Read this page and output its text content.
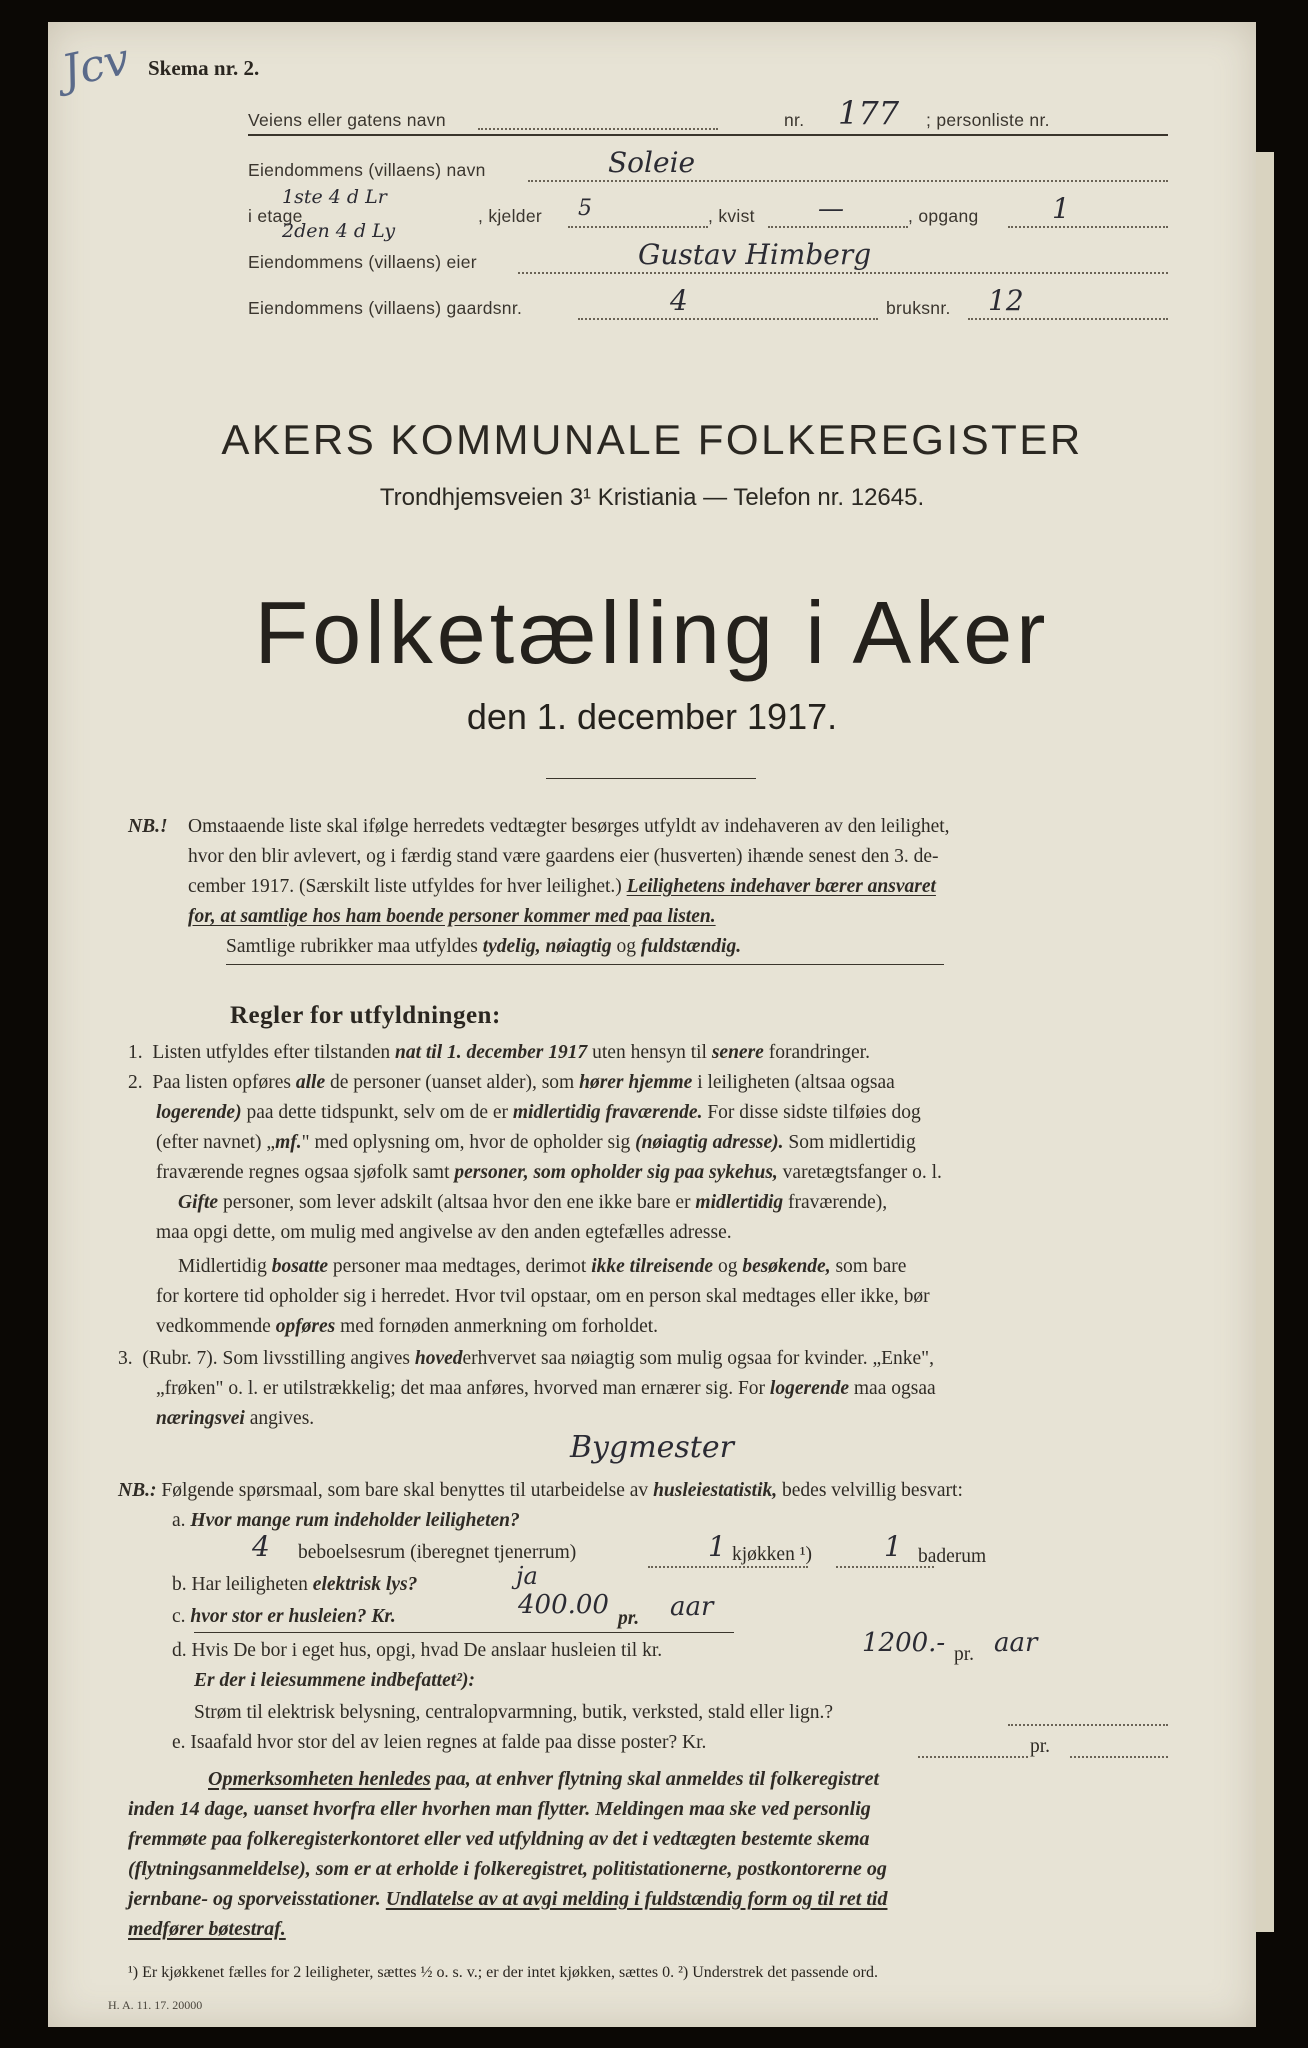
Jcv Skema nr. 2.
Veiens eller gatens navn	nr. 177 ; personliste nr.
Eiendommens (villaens) navn	Soleie
i etage
1ste 4 d Lr
2den 4 d Ly
, kjelder 5	, kvist —	, opgang	1
Eiendommens (villaens) eier	Gustav Himberg
Eiendommens (villaens) gaardsnr.	4	bruksnr. 12
AKERS KOMMUNALE FOLKEREGISTER
Trondhjemsveien 3¹ Kristiania — Telefon nr. 12645.
Folketælling i Aker
den 1. december 1917.
NB.! Omstaaende liste skal ifølge herredets vedtægter besørges utfyldt av indehaveren av den leilighet,
hvor den blir avlevert, og i færdig stand være gaardens eier (husverten) ihænde senest den 3. de-
cember 1917. (Særskilt liste utfyldes for hver leilighet.) Leilighetens indehaver bærer ansvaret
for, at samtlige hos ham boende personer kommer med paa listen.
Samtlige rubrikker maa utfyldes tydelig, nøiagtig og fuldstændig.
Regler for utfyldningen:
1. Listen utfyldes efter tilstanden nat til 1. december 1917 uten hensyn til senere forandringer.
2. Paa listen opføres alle de personer (uanset alder), som hører hjemme i leiligheten (altsaa ogsaa
logerende) paa dette tidspunkt, selv om de er midlertidig fraværende. For disse sidste tilføies dog
(efter navnet) „mf." med oplysning om, hvor de opholder sig (nøiagtig adresse). Som midlertidig
fraværende regnes ogsaa sjøfolk samt personer, som opholder sig paa sykehus, varetægtsfanger o. l.
Gifte personer, som lever adskilt (altsaa hvor den ene ikke bare er midlertidig fraværende),
maa opgi dette, om mulig med angivelse av den anden egtefælles adresse.
Midlertidig bosatte personer maa medtages, derimot ikke tilreisende og besøkende, som bare
for kortere tid opholder sig i herredet. Hvor tvil opstaar, om en person skal medtages eller ikke, bør
vedkommende opføres med fornøden anmerkning om forholdet.
3. (Rubr. 7). Som livsstilling angives hovederhvervet saa nøiagtig som mulig ogsaa for kvinder. „Enke",
„frøken" o. l. er utilstrækkelig; det maa anføres, hvorved man ernærer sig. For logerende maa ogsaa
næringsvei angives.
Bygmester
NB.: Følgende spørsmaal, som bare skal benyttes til utarbeidelse av husleiestatistik, bedes velvillig besvart:
a. Hvor mange rum indeholder leiligheten?
4 beboelsesrum (iberegnet tjenerrum)	1 kjøkken ¹)	1 baderum
b. Har leiligheten elektrisk lys?	ja
c. hvor stor er husleien? Kr.	400.00 pr. aar
d. Hvis De bor i eget hus, opgi, hvad De anslaar husleien til kr.	1200.- pr. aar
Er der i leiesummene indbefattet²):
Strøm til elektrisk belysning, centralopvarmning, butik, verksted, stald eller lign.?
e. Isaafald hvor stor del av leien regnes at falde paa disse poster? Kr.	pr.
Opmerksomheten henledes paa, at enhver flytning skal anmeldes til folkeregistret
inden 14 dage, uanset hvorfra eller hvorhen man flytter. Meldingen maa ske ved personlig
fremmøte paa folkeregisterkontoret eller ved utfyldning av det i vedtægten bestemte skema
(flytningsanmeldelse), som er at erholde i folkeregistret, politistationerne, postkontorerne og
jernbane- og sporveisstationer. Undlatelse av at avgi melding i fuldstændig form og til ret tid
medfører bøtestraf.
¹) Er kjøkkenet fælles for 2 leiligheter, sættes ½ o. s. v.; er der intet kjøkken, sættes 0. ²) Understrek det passende ord.
H. A. 11. 17. 20000
